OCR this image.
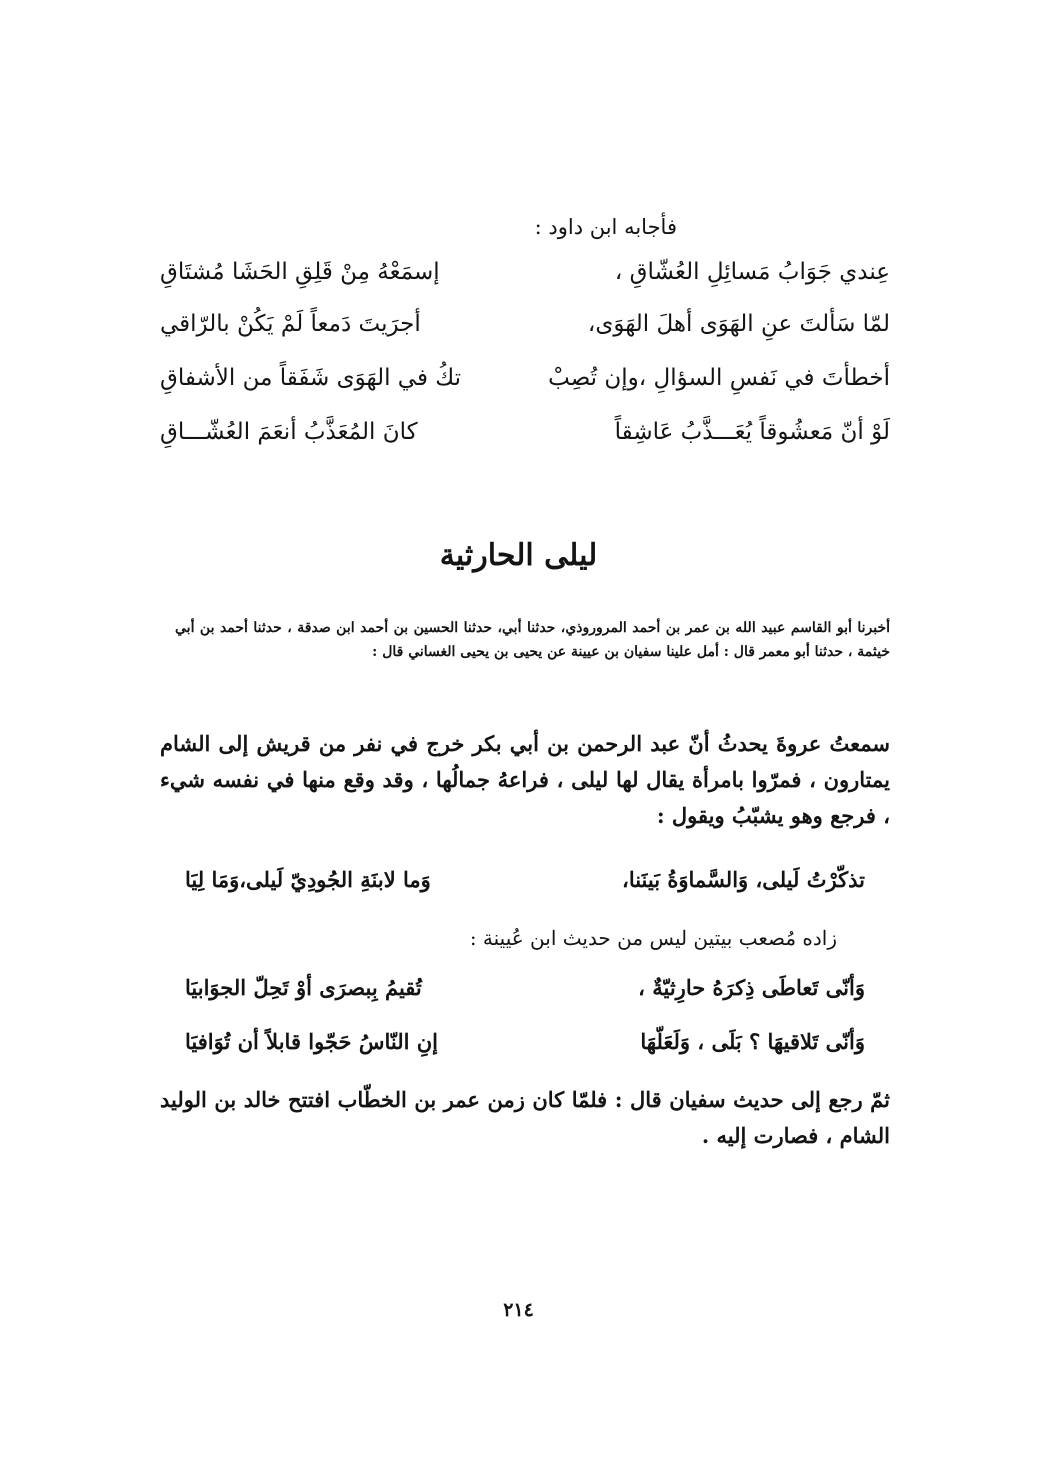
فأجابه ابن داود :
عِندي جَوَابُ مَسائِلِ العُشّاقِ ،
إسمَعْهُ مِنْ قَلِقِ الحَشَا مُشتَاقِ
لمّا سَألتَ عنِ الهَوَى أهلَ الهَوَى،
أجرَيتَ دَمعاً لَمْ يَكُنْ بالرّاقي
أخطأتَ في نَفسِ السؤالِ ،وإن تُصِبْ
تكُ في الهَوَى شَفَقاً من الأشفاقِ
لَوْ أنّ مَعشُوقاً يُعَـــذَّبُ عَاشِقاً
كانَ المُعَذَّبُ أنعَمَ العُشّـــاقِ
ليلى الحارثية
أخبرنا أبو القاسم عبيد الله بن عمر بن أحمد المروروذي، حدثنا أبي، حدثنا الحسين بن أحمد ابن صدقة ، حدثنا أحمد بن أبي خيثمة ، حدثنا أبو معمر قال : أمل علينا سفيان بن عيينة عن يحيى بن يحيى الغساني قال :
سمعتُ عروةَ يحدثُ أنّ عبد الرحمن بن أبي بكر خرج في نفر من قريش إلى الشام يمتارون ، فمرّوا بامرأة يقال لها ليلى ، فراعهُ جمالُها ، وقد وقع منها في نفسه شيء ، فرجع وهو يشبّبُ ويقول :
تذكّرْتُ لَيلى، وَالسَّماوَةُ بَينَنا،
وَما لابنَةِ الجُودِيّ لَيلى،وَمَا لِيَا
زاده مُصعب بيتين ليس من حديث ابن عُيينة :
وَأنّى تَعاطَى ذِكرَهُ حارِثيّةٌ ،
تُقيمُ بِبصرَى أوْ تَحِلّ الجوَابيَا
وَأنّى تَلاقيهَا ؟ بَلَى ، وَلَعَلّهَا
إنِ النّاسُ حَجّوا قابلاً أن تُوَافيَا
ثمّ رجع إلى حديث سفيان قال : فلمّا كان زمن عمر بن الخطّاب افتتح خالد بن الوليد الشام ، فصارت إليه .
٢١٤
